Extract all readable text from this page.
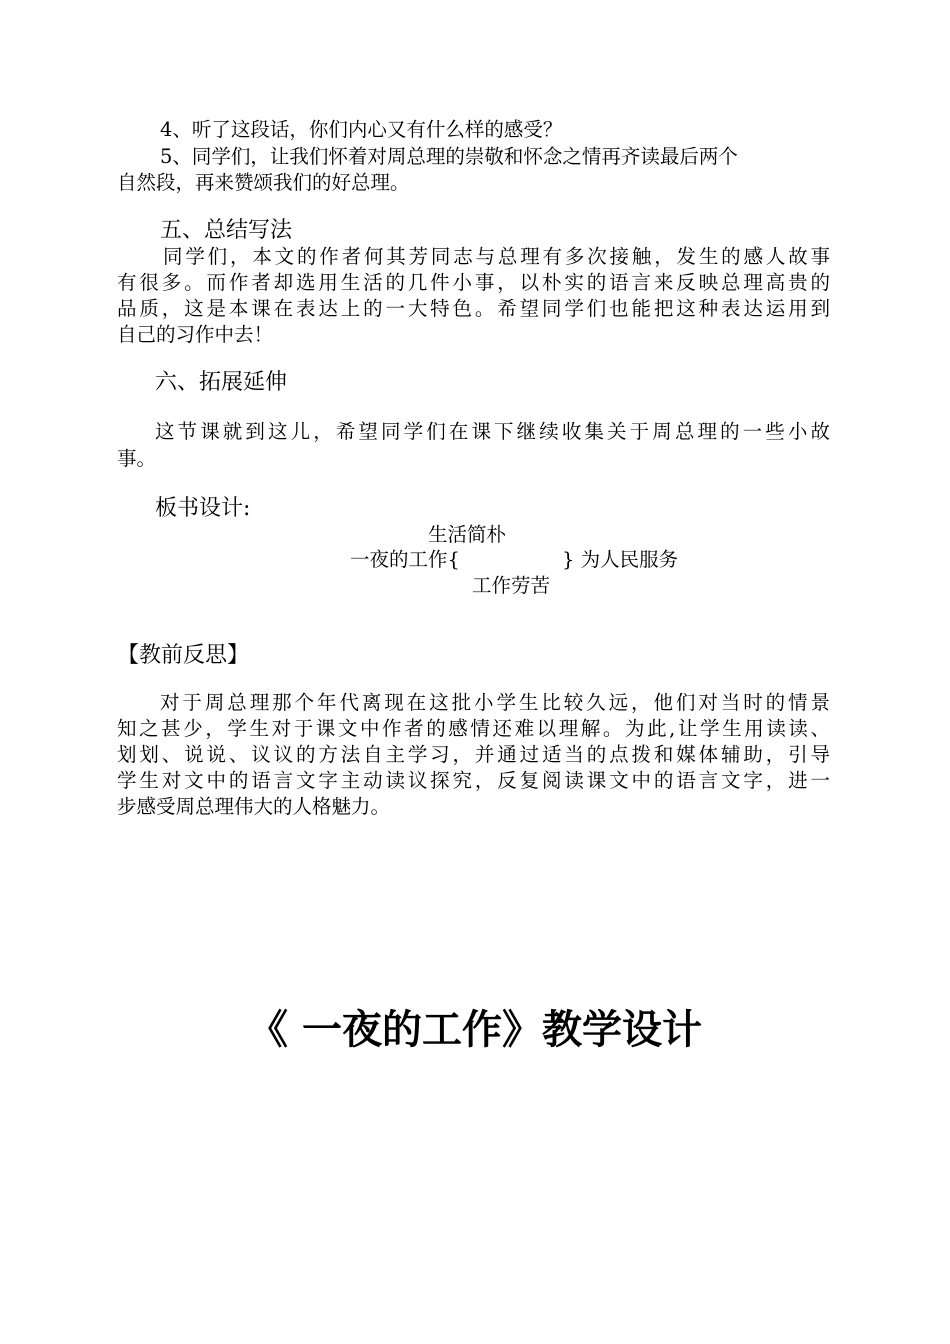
4、听了这段话，你们内心又有什么样的感受？
5、同学们，让我们怀着对周总理的崇敬和怀念之情再齐读最后两个
自然段，再来赞颂我们的好总理。
五、总结写法
同学们，本文的作者何其芳同志与总理有多次接触，发生的感人故事
有很多。而作者却选用生活的几件小事，以朴实的语言来反映总理高贵的
品质，这是本课在表达上的一大特色。希望同学们也能把这种表达运用到
自己的习作中去！
六、拓展延伸
这节课就到这儿，希望同学们在课下继续收集关于周总理的一些小故
事。
板书设计:
生活简朴
一夜的工作{	} 为人民服务
工作劳苦
【教前反思】
对于周总理那个年代离现在这批小学生比较久远，他们对当时的情景
知之甚少，学生对于课文中作者的感情还难以理解。为此,让学生用读读、
划划、说说、议议的方法自主学习，并通过适当的点拨和媒体辅助，引导
学生对文中的语言文字主动读议探究，反复阅读课文中的语言文字，进一
步感受周总理伟大的人格魅力。
《 一夜的工作》教学设计
